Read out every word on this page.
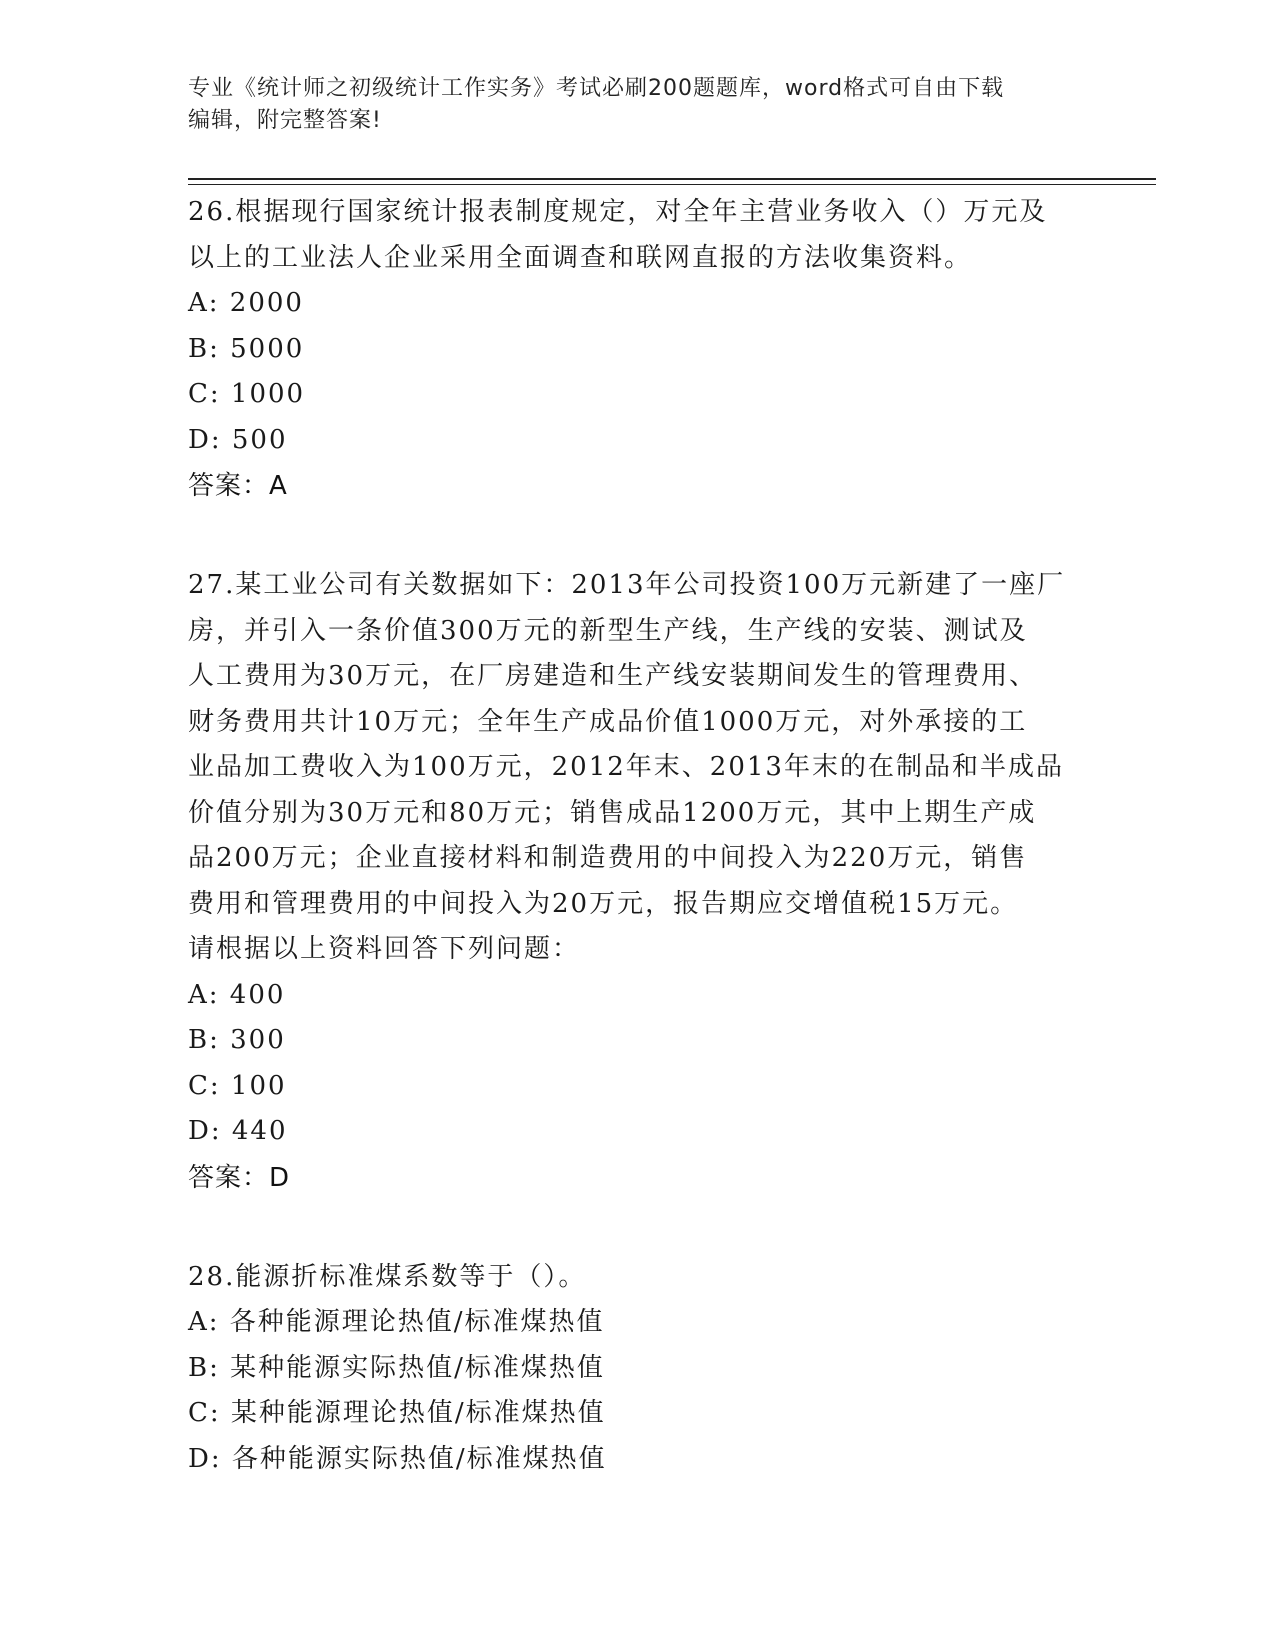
专业《统计师之初级统计工作实务》考试必刷200题题库，word格式可自由下载
编辑，附完整答案!

26.根据现行国家统计报表制度规定，对全年主营业务收入（）万元及
以上的工业法人企业采用全面调查和联网直报的方法收集资料。

A: 2000

B: 5000

C: 1000

D: 500

答案：A

27.某工业公司有关数据如下：2013年公司投资100万元新建了一座厂
房，并引入一条价值300万元的新型生产线，生产线的安装、测试及
人工费用为30万元，在厂房建造和生产线安装期间发生的管理费用、
财务费用共计10万元；全年生产成品价值1000万元，对外承接的工
业品加工费收入为100万元，2012年末、2013年末的在制品和半成品
价值分别为30万元和80万元；销售成品1200万元，其中上期生产成
品200万元；企业直接材料和制造费用的中间投入为220万元，销售
费用和管理费用的中间投入为20万元，报告期应交增值税15万元。
请根据以上资料回答下列问题：

A: 400

B: 300

C: 100

D: 440

答案：D

28.能源折标准煤系数等于（）。

A: 各种能源理论热值/标准煤热值

B: 某种能源实际热值/标准煤热值

C: 某种能源理论热值/标准煤热值

D: 各种能源实际热值/标准煤热值
